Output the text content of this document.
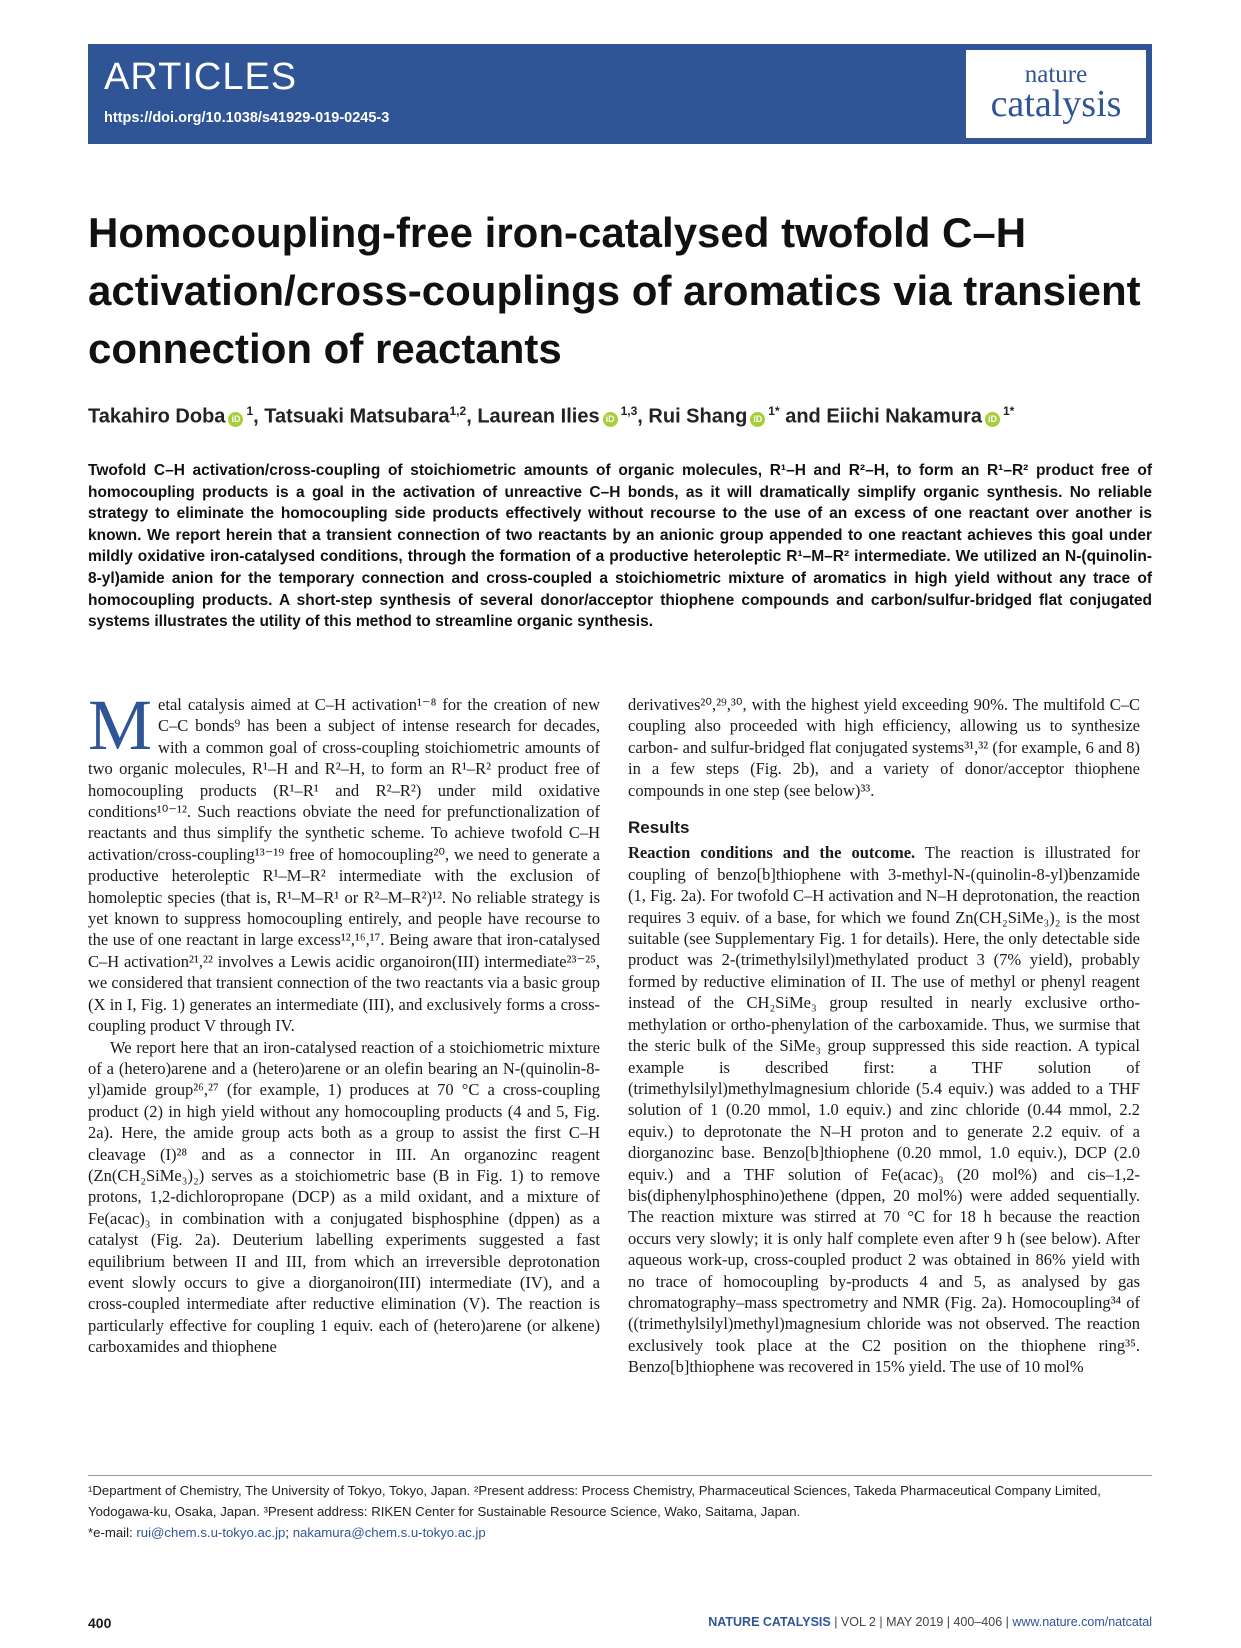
ARTICLES
https://doi.org/10.1038/s41929-019-0245-3
nature
catalysis
Homocoupling-free iron-catalysed twofold C–H activation/cross-couplings of aromatics via transient connection of reactants
Takahiro Doba $iD^1$, Tatsuaki Matsubara$^{1,2}$, Laurean Ilies iD$^{1,3}$, Rui Shang $iD^{1*}$ and Eiichi Nakamura $iD^{1*}$
Twofold C–H activation/cross-coupling of stoichiometric amounts of organic molecules, R¹–H and R²–H, to form an R¹–R² product free of homocoupling products is a goal in the activation of unreactive C–H bonds, as it will dramatically simplify organic synthesis. No reliable strategy to eliminate the homocoupling side products effectively without recourse to the use of an excess of one reactant over another is known. We report herein that a transient connection of two reactants by an anionic group appended to one reactant achieves this goal under mildly oxidative iron-catalysed conditions, through the formation of a productive heteroleptic R¹–M–R² intermediate. We utilized an N-(quinolin-8-yl)amide anion for the temporary connection and cross-coupled a stoichiometric mixture of aromatics in high yield without any trace of homocoupling products. A short-step synthesis of several donor/acceptor thiophene compounds and carbon/sulfur-bridged flat conjugated systems illustrates the utility of this method to streamline organic synthesis.

Metal catalysis aimed at C–H activation¹⁻⁸ for the creation of new C–C bonds⁹ has been a subject of intense research for decades, with a common goal of cross-coupling stoichiometric amounts of two organic molecules, R¹–H and R²–H, to form an R¹–R² product free of homocoupling products (R¹–R¹ and R²–R²) under mild oxidative conditions¹⁰⁻¹². Such reactions obviate the need for prefunctionalization of reactants and thus simplify the synthetic scheme. To achieve twofold C–H activation/cross-coupling¹³⁻¹⁹ free of homocoupling²⁰, we need to generate a productive heteroleptic R¹–M–R² intermediate with the exclusion of homoleptic species (that is, R¹–M–R¹ or R²–M–R²)¹². No reliable strategy is yet known to suppress homocoupling entirely, and people have recourse to the use of one reactant in large excess¹²,¹⁶,¹⁷. Being aware that iron-catalysed C–H activation²¹,²² involves a Lewis acidic organoiron(III) intermediate²³⁻²⁵, we considered that transient connection of the two reactants via a basic group (X in I, Fig. 1) generates an intermediate (III), and exclusively forms a cross-coupling product V through IV.

We report here that an iron-catalysed reaction of a stoichiometric mixture of a (hetero)arene and a (hetero)arene or an olefin bearing an N-(quinolin-8-yl)amide group²⁶,²⁷ (for example, 1) produces at 70 °C a cross-coupling product (2) in high yield without any homocoupling products (4 and 5, Fig. 2a). Here, the amide group acts both as a group to assist the first C–H cleavage (I)²⁸ and as a connector in III. An organozinc reagent (Zn(CH₂SiMe₃)₂) serves as a stoichiometric base (B in Fig. 1) to remove protons, 1,2-dichloropropane (DCP) as a mild oxidant, and a mixture of Fe(acac)₃ in combination with a conjugated bisphosphine (dppen) as a catalyst (Fig. 2a). Deuterium labelling experiments suggested a fast equilibrium between II and III, from which an irreversible deprotonation event slowly occurs to give a diorganoiron(III) intermediate (IV), and a cross-coupled intermediate after reductive elimination (V). The reaction is particularly effective for coupling 1 equiv. each of (hetero)arene (or alkene) carboxamides and thiophene

derivatives²⁰,²⁹,³⁰, with the highest yield exceeding 90%. The multifold C–C coupling also proceeded with high efficiency, allowing us to synthesize carbon- and sulfur-bridged flat conjugated systems³¹,³² (for example, 6 and 8) in a few steps (Fig. 2b), and a variety of donor/acceptor thiophene compounds in one step (see below)³³.

Results

Reaction conditions and the outcome. The reaction is illustrated for coupling of benzo[b]thiophene with 3-methyl-N-(quinolin-8-yl)benzamide (1, Fig. 2a). For twofold C–H activation and N–H deprotonation, the reaction requires 3 equiv. of a base, for which we found Zn(CH₂SiMe₃)₂ is the most suitable (see Supplementary Fig. 1 for details). Here, the only detectable side product was 2-(trimethylsilyl)methylated product 3 (7% yield), probably formed by reductive elimination of II. The use of methyl or phenyl reagent instead of the CH₂SiMe₃ group resulted in nearly exclusive ortho-methylation or ortho-phenylation of the carboxamide. Thus, we surmise that the steric bulk of the SiMe₃ group suppressed this side reaction. A typical example is described first: a THF solution of (trimethylsilyl)methylmagnesium chloride (5.4 equiv.) was added to a THF solution of 1 (0.20 mmol, 1.0 equiv.) and zinc chloride (0.44 mmol, 2.2 equiv.) to deprotonate the N–H proton and to generate 2.2 equiv. of a diorganozinc base. Benzo[b]thiophene (0.20 mmol, 1.0 equiv.), DCP (2.0 equiv.) and a THF solution of Fe(acac)₃ (20 mol%) and cis–1,2-bis(diphenylphosphino)ethene (dppen, 20 mol%) were added sequentially. The reaction mixture was stirred at 70 °C for 18 h because the reaction occurs very slowly; it is only half complete even after 9 h (see below). After aqueous work-up, cross-coupled product 2 was obtained in 86% yield with no trace of homocoupling by-products 4 and 5, as analysed by gas chromatography–mass spectrometry and NMR (Fig. 2a). Homocoupling³⁴ of ((trimethylsilyl)methyl)magnesium chloride was not observed. The reaction exclusively took place at the C2 position on the thiophene ring³⁵. Benzo[b]thiophene was recovered in 15% yield. The use of 10 mol%

¹Department of Chemistry, The University of Tokyo, Tokyo, Japan. ²Present address: Process Chemistry, Pharmaceutical Sciences, Takeda Pharmaceutical Company Limited, Yodogawa-ku, Osaka, Japan. ³Present address: RIKEN Center for Sustainable Resource Science, Wako, Saitama, Japan.
*e-mail: rui@chem.s.u-tokyo.ac.jp; nakamura@chem.s.u-tokyo.ac.jp
400	NATURE CATALYSIS | VOL 2 | MAY 2019 | 400–406 | www.nature.com/natcatal
